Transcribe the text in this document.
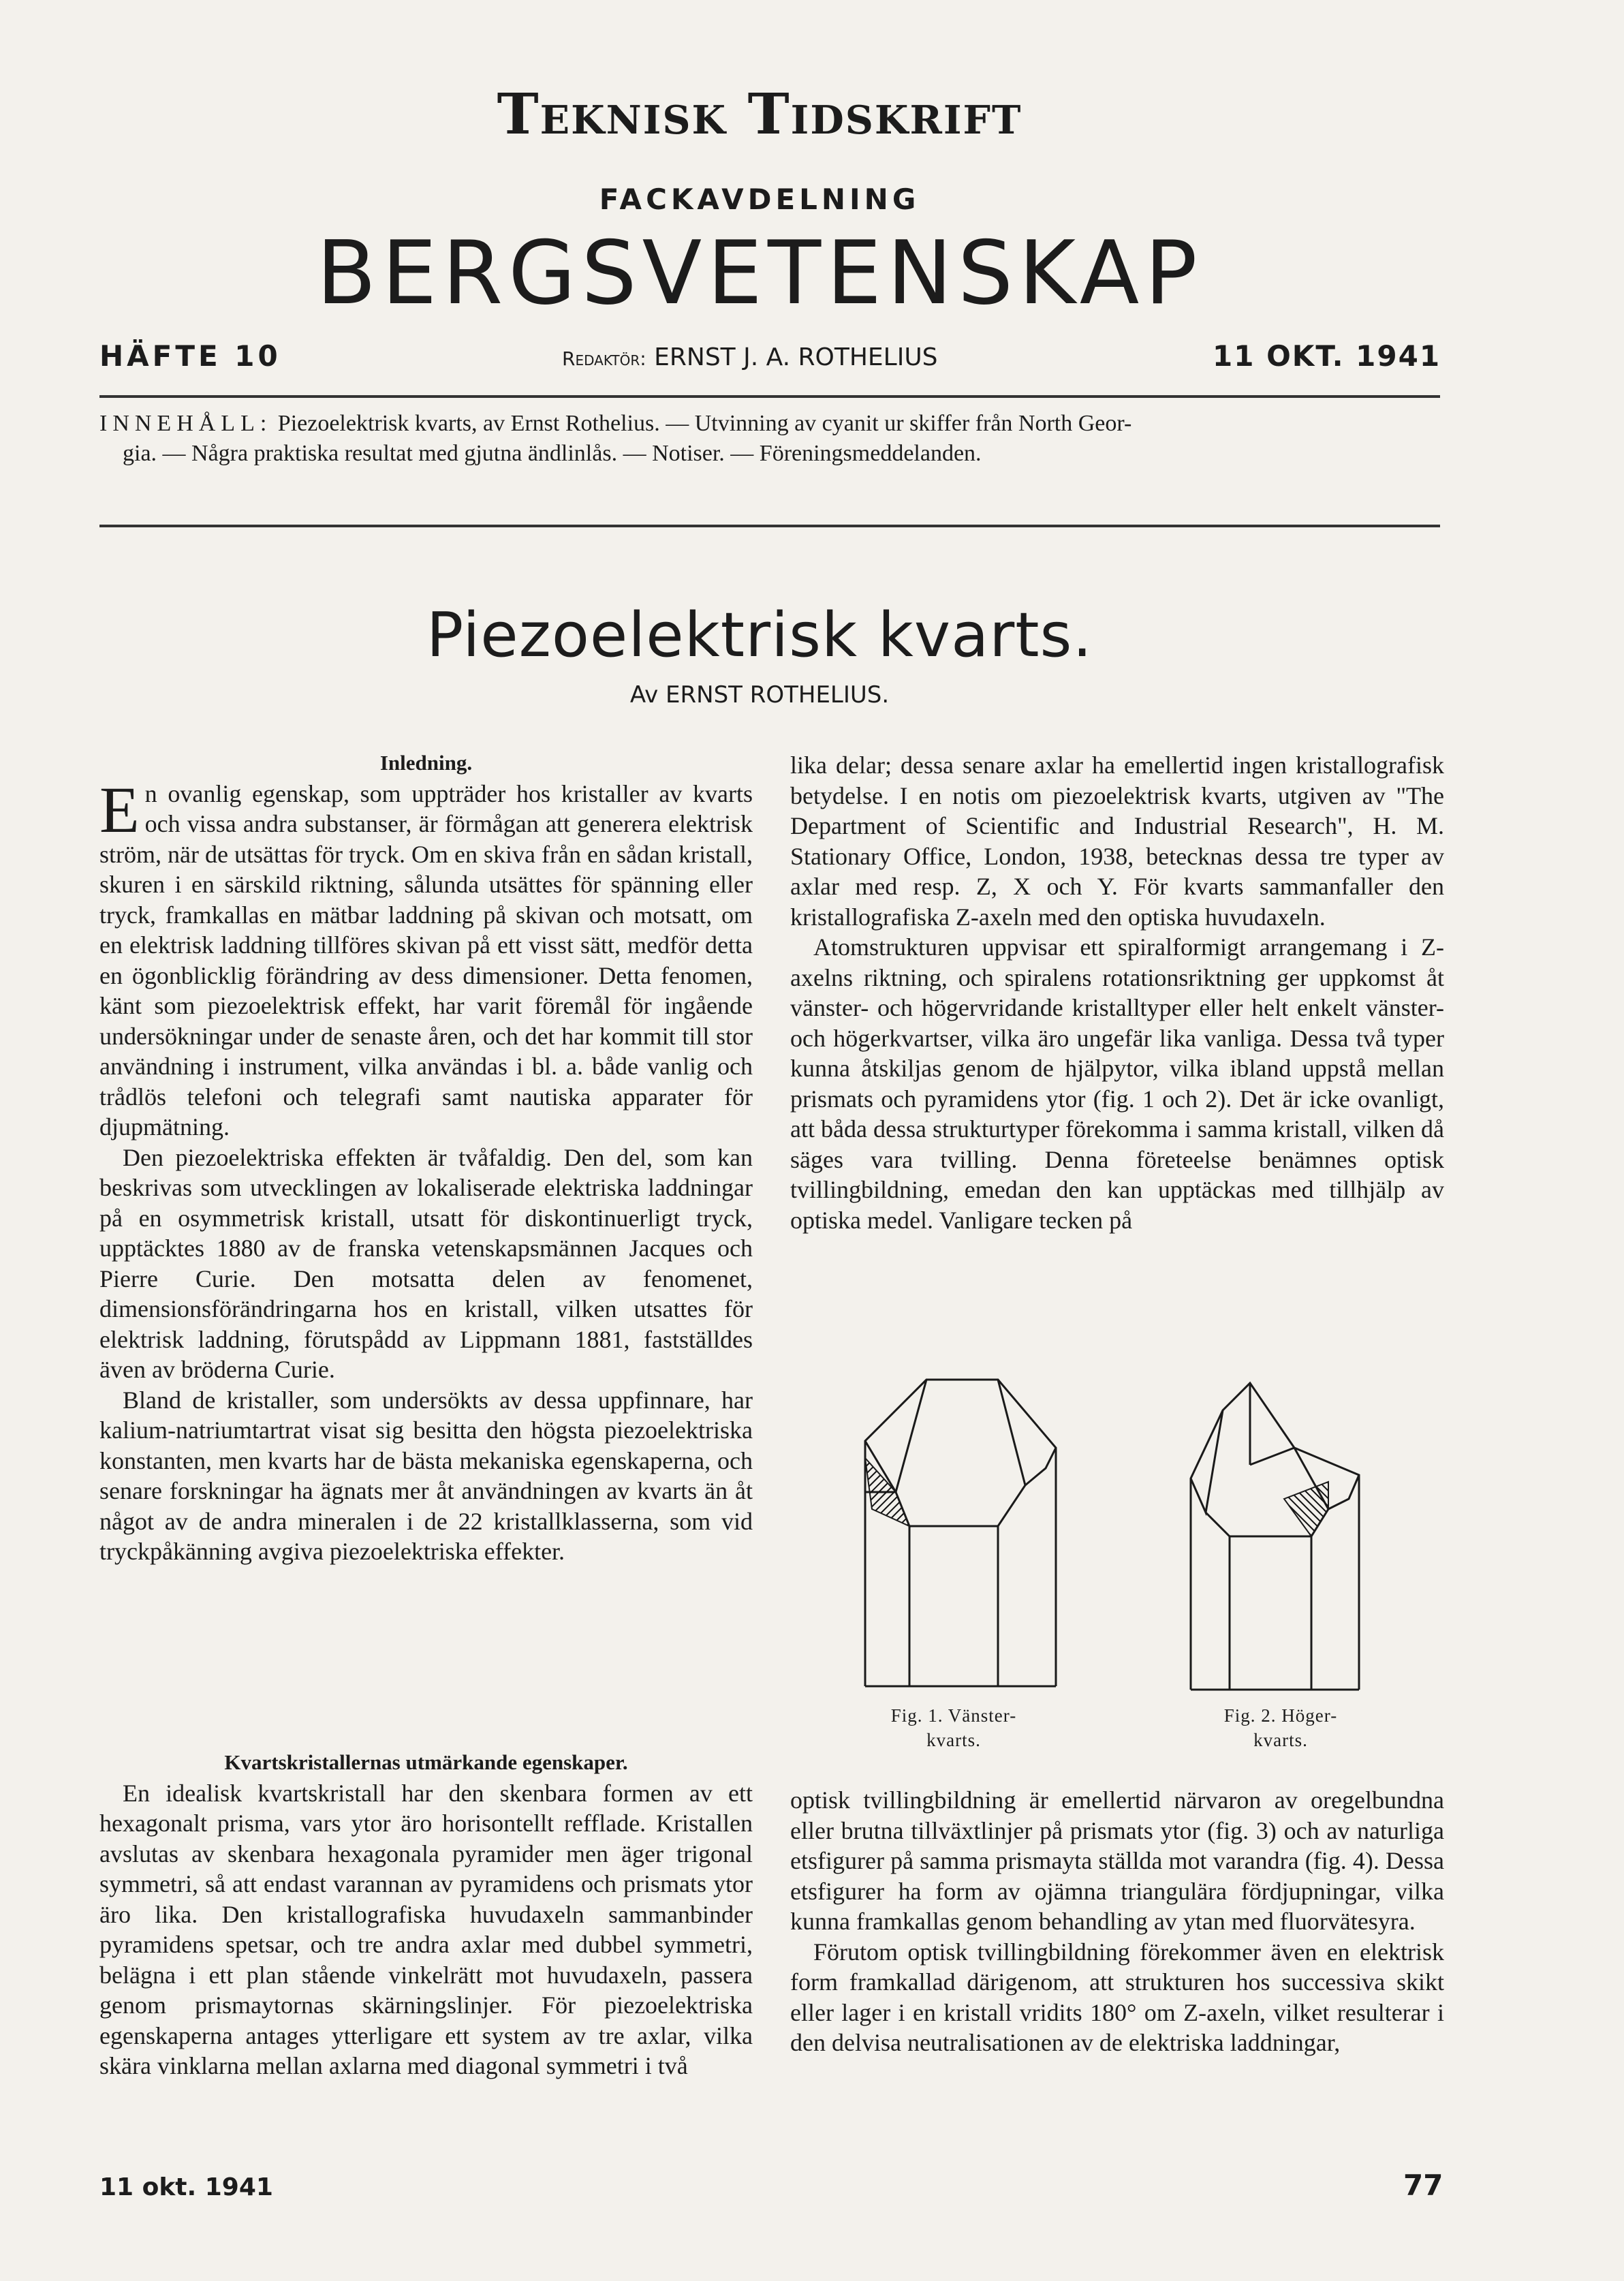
Teknisk Tidskrift
FACKAVDELNING
BERGSVETENSKAP
HÄFTE 10	Redaktör: ERNST J. A. ROTHELIUS	11 OKT. 1941
INNEHÅLL: Piezoelektrisk kvarts, av Ernst Rothelius. — Utvinning av cyanit ur skiffer från North Geor-
gia. — Några praktiska resultat med gjutna ändlinlås. — Notiser. — Föreningsmeddelanden.
Piezoelektrisk kvarts.
Av ERNST ROTHELIUS.

Inledning.

En ovanlig egenskap, som uppträder hos kristaller av kvarts och vissa andra substanser, är förmågan att generera elektrisk ström, när de utsättas för tryck. Om en skiva från en sådan kristall, skuren i en särskild riktning, sålunda utsättes för spänning eller tryck, framkallas en mätbar laddning på skivan och motsatt, om en elektrisk laddning tillföres skivan på ett visst sätt, medför detta en ögonblicklig förändring av dess dimensioner. Detta fenomen, känt som piezoelektrisk effekt, har varit föremål för ingående undersökningar under de senaste åren, och det har kommit till stor användning i instrument, vilka användas i bl. a. både vanlig och trådlös telefoni och telegrafi samt nautiska apparater för djupmätning.

Den piezoelektriska effekten är tvåfaldig. Den del, som kan beskrivas som utvecklingen av lokaliserade elektriska laddningar på en osymmetrisk kristall, utsatt för diskontinuerligt tryck, upptäcktes 1880 av de franska vetenskapsmännen Jacques och Pierre Curie. Den motsatta delen av fenomenet, dimensionsförändringarna hos en kristall, vilken utsattes för elektrisk laddning, förutspådd av Lippmann 1881, fastställdes även av bröderna Curie.

Bland de kristaller, som undersökts av dessa uppfinnare, har kalium-natriumtartrat visat sig besitta den högsta piezoelektriska konstanten, men kvarts har de bästa mekaniska egenskaperna, och senare forskningar ha ägnats mer åt användningen av kvarts än åt något av de andra mineralen i de 22 kristallklasserna, som vid tryckpåkänning avgiva piezoelektriska effekter.

Kvartskristallernas utmärkande egenskaper.

En idealisk kvartskristall har den skenbara formen av ett hexagonalt prisma, vars ytor äro horisontellt refflade. Kristallen avslutas av skenbara hexagonala pyramider men äger trigonal symmetri, så att endast varannan av pyramidens och prismats ytor äro lika. Den kristallografiska huvudaxeln sammanbinder pyramidens spetsar, och tre andra axlar med dubbel symmetri, belägna i ett plan stående vinkelrätt mot huvudaxeln, passera genom prismaytornas skärningslinjer. För piezoelektriska egenskaperna antages ytterligare ett system av tre axlar, vilka skära vinklarna mellan axlarna med diagonal symmetri i två

lika delar; dessa senare axlar ha emellertid ingen kristallografisk betydelse. I en notis om piezoelektrisk kvarts, utgiven av "The Department of Scientific and Industrial Research", H. M. Stationary Office, London, 1938, betecknas dessa tre typer av axlar med resp. Z, X och Y. För kvarts sammanfaller den kristallografiska Z-axeln med den optiska huvudaxeln.

Atomstrukturen uppvisar ett spiralformigt arrangemang i Z-axelns riktning, och spiralens rotationsriktning ger uppkomst åt vänster- och högervridande kristalltyper eller helt enkelt vänster- och högerkvartser, vilka äro ungefär lika vanliga. Dessa två typer kunna åtskiljas genom de hjälpytor, vilka ibland uppstå mellan prismats och pyramidens ytor (fig. 1 och 2). Det är icke ovanligt, att båda dessa strukturtyper förekomma i samma kristall, vilken då säges vara tvilling. Denna företeelse benämnes optisk tvillingbildning, emedan den kan upptäckas med tillhjälp av optiska medel. Vanligare tecken på

Fig. 1. Vänster-
kvarts.
Fig. 2. Höger-
kvarts.

optisk tvillingbildning är emellertid närvaron av oregelbundna eller brutna tillväxtlinjer på prismats ytor (fig. 3) och av naturliga etsfigurer på samma prismayta ställda mot varandra (fig. 4). Dessa etsfigurer ha form av ojämna triangulära fördjupningar, vilka kunna framkallas genom behandling av ytan med fluorvätesyra.

Förutom optisk tvillingbildning förekommer även en elektrisk form framkallad därigenom, att strukturen hos successiva skikt eller lager i en kristall vridits 180° om Z-axeln, vilket resulterar i den delvisa neutralisationen av de elektriska laddningar,

11 okt. 1941	77
